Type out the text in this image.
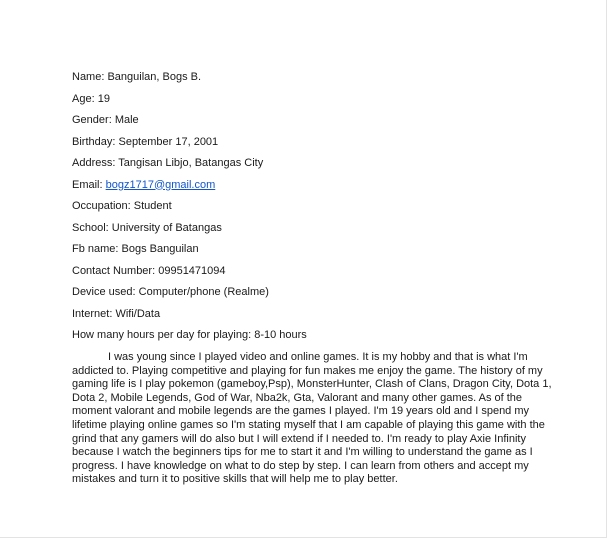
Name : Banguilan, Bogs B.
Age : 19
Gender : Male
Birthday : September 17, 2001
Address : Tangisan Libjo, Batangas City
Email : bogz1717@gmail.com
Occupation : Student
School : University of Batangas
Fb name : Bogs Banguilan
Contact Number : 09951471094
Device used : Computer/phone (Realme)
Internet : Wifi/Data
How many hours per day for playing : 8-10 hours

I was young since I played video and online games. It is my hobby and that is what I'm addicted to. Playing competitive and playing for fun makes me enjoy the game. The history of my gaming life is I play pokemon (gameboy,Psp), MonsterHunter, Clash of Clans, Dragon City, Dota 1, Dota 2, Mobile Legends, God of War, Nba2k, Gta, Valorant and many other games. As of the moment valorant and mobile legends are the games I played. I'm 19 years old and I spend my lifetime playing online games so I'm stating myself that I am capable of playing this game with the grind that any gamers will do also but I will extend if I needed to. I'm ready to play Axie Infinity because I watch the beginners tips for me to start it and I'm willing to understand the game as I progress. I have knowledge on what to do step by step. I can learn from others and accept my mistakes and turn it to positive skills that will help me to play better.
